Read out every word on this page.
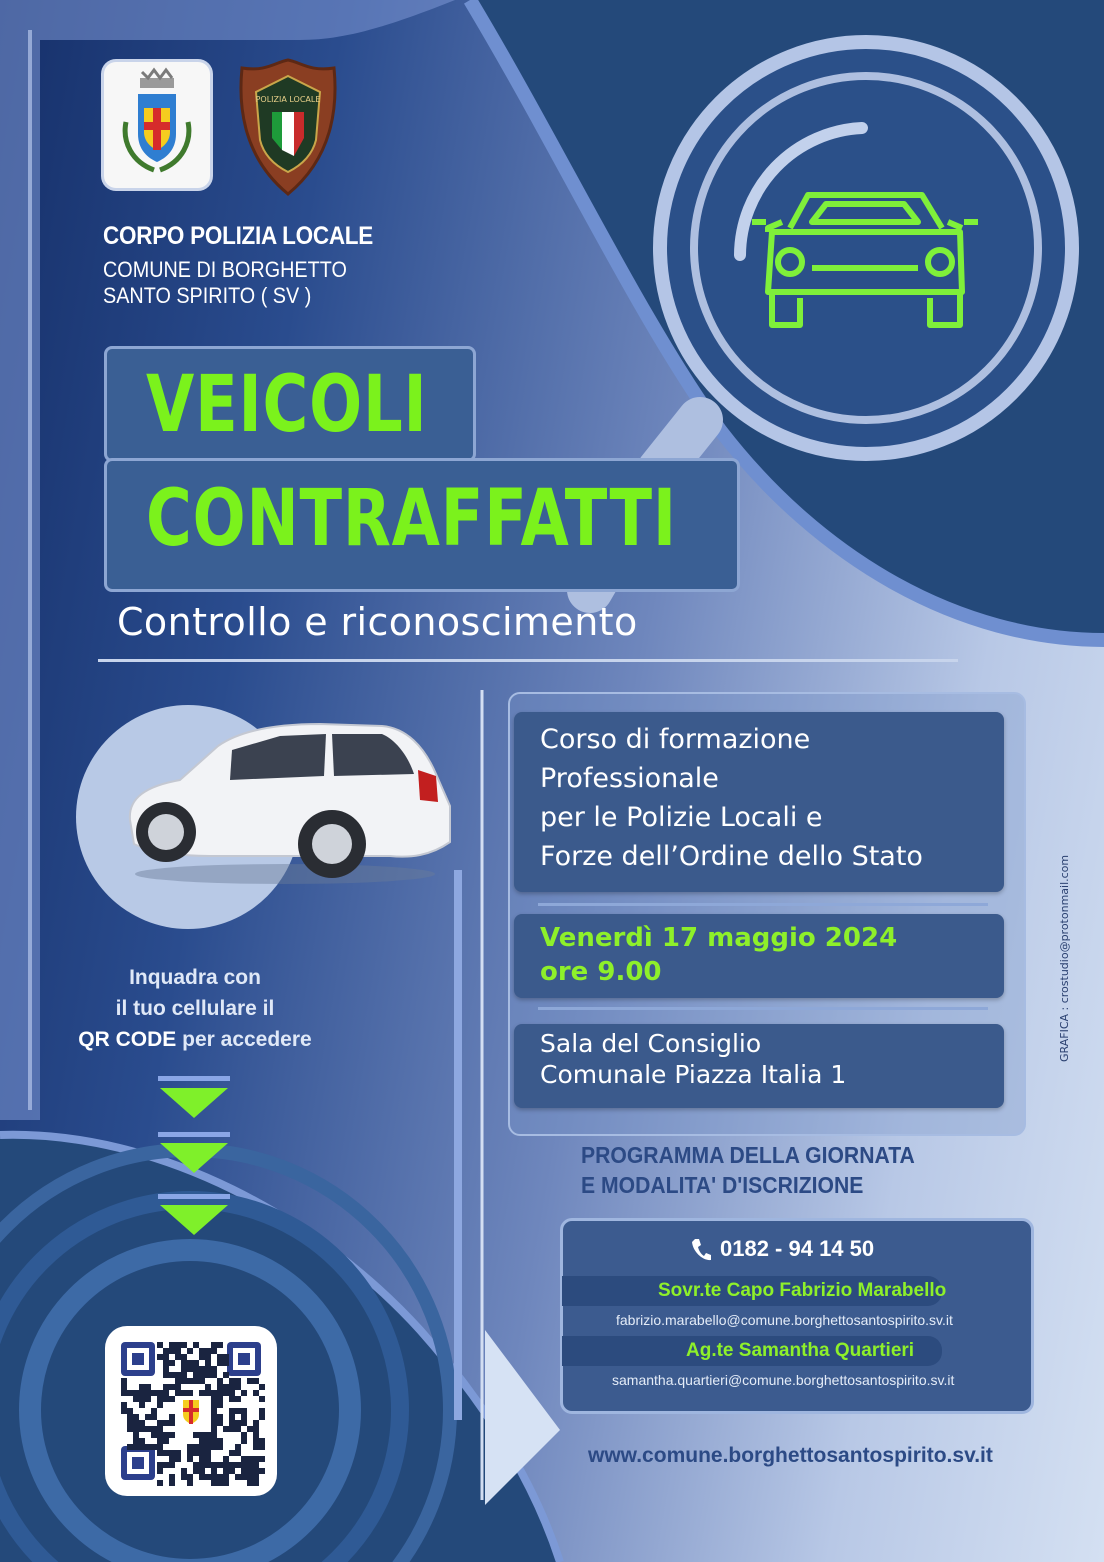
POLIZIA LOCALE
CORPO POLIZIA LOCALE
COMUNE DI BORGHETTO
SANTO SPIRITO ( SV )
VEICOLI
CONTRAFFATTI
Controllo e riconoscimento
Inquadra con
il tuo cellulare il
QR CODE per accedere
Corso di formazione
Professionale
per le Polizie Locali e
Forze dell’Ordine dello Stato
Venerdì 17 maggio 2024
ore 9.00
Sala del Consiglio
Comunale Piazza Italia 1
PROGRAMMA DELLA GIORNATA
E MODALITA' D'ISCRIZIONE
0182 - 94 14 50
Sovr.te Capo Fabrizio Marabello
fabrizio.marabello@comune.borghettosantospirito.sv.it
Ag.te Samantha Quartieri
samantha.quartieri@comune.borghettosantospirito.sv.it
www.comune.borghettosantospirito.sv.it
GRAFICA : crostudio@protonmail.com
